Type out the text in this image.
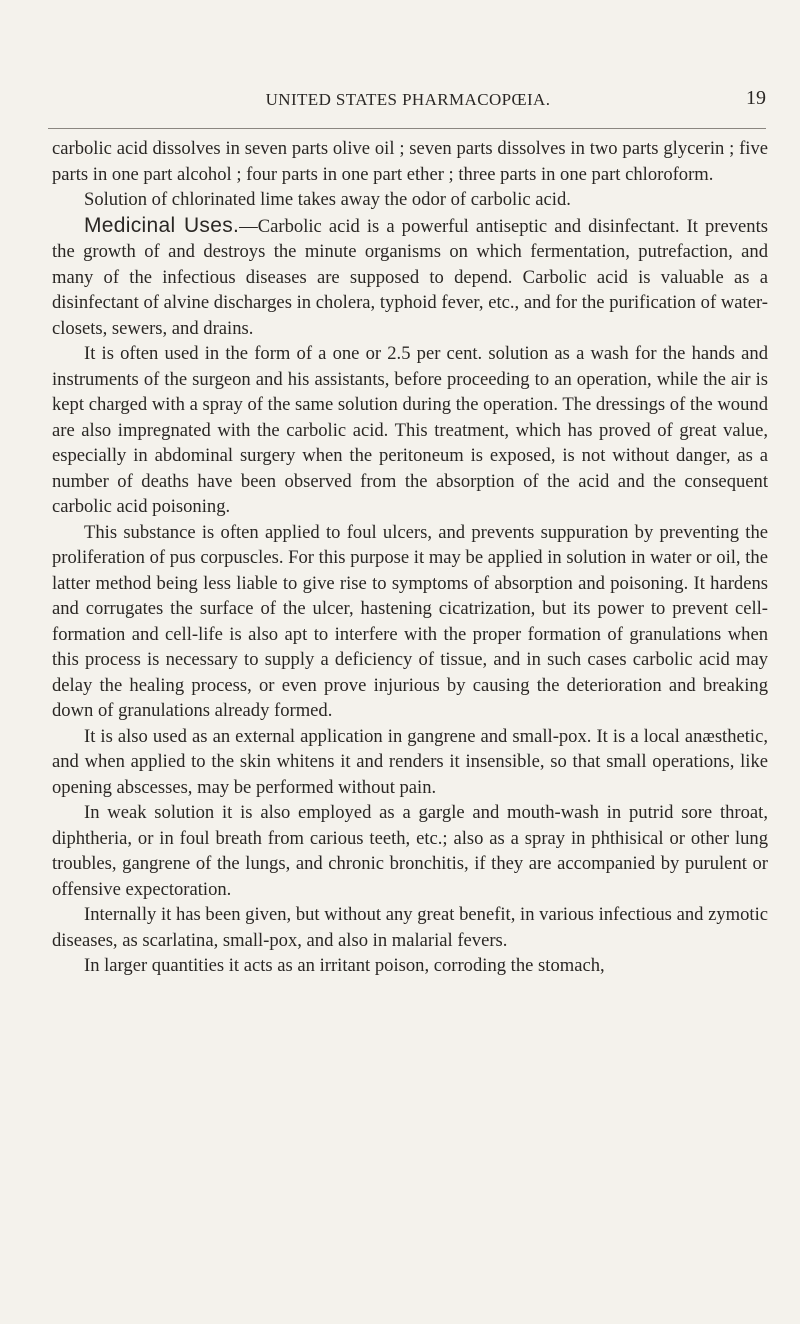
UNITED STATES PHARMACOPŒIA.	19

carbolic acid dissolves in seven parts olive oil ; seven parts dissolves in two parts glycerin ; five parts in one part alcohol ; four parts in one part ether ; three parts in one part chloroform.

Solution of chlorinated lime takes away the odor of carbolic acid.

Medicinal Uses.—Carbolic acid is a powerful antiseptic and disinfectant. It prevents the growth of and destroys the minute organisms on which fermentation, putrefaction, and many of the infectious diseases are supposed to depend. Carbolic acid is valuable as a disinfectant of alvine discharges in cholera, typhoid fever, etc., and for the purification of water-closets, sewers, and drains.

It is often used in the form of a one or 2.5 per cent. solution as a wash for the hands and instruments of the surgeon and his assistants, before proceeding to an operation, while the air is kept charged with a spray of the same solution during the operation. The dressings of the wound are also impregnated with the carbolic acid. This treatment, which has proved of great value, especially in abdominal surgery when the peritoneum is exposed, is not without danger, as a number of deaths have been observed from the absorption of the acid and the consequent carbolic acid poisoning.

This substance is often applied to foul ulcers, and prevents suppuration by preventing the proliferation of pus corpuscles. For this purpose it may be applied in solution in water or oil, the latter method being less liable to give rise to symptoms of absorption and poisoning. It hardens and corrugates the surface of the ulcer, hastening cicatrization, but its power to prevent cell-formation and cell-life is also apt to interfere with the proper formation of granulations when this process is necessary to supply a deficiency of tissue, and in such cases carbolic acid may delay the healing process, or even prove injurious by causing the deterioration and breaking down of granulations already formed.

It is also used as an external application in gangrene and small-pox. It is a local anæsthetic, and when applied to the skin whitens it and renders it insensible, so that small operations, like opening abscesses, may be performed without pain.

In weak solution it is also employed as a gargle and mouth-wash in putrid sore throat, diphtheria, or in foul breath from carious teeth, etc.; also as a spray in phthisical or other lung troubles, gangrene of the lungs, and chronic bronchitis, if they are accompanied by purulent or offensive expectoration.

Internally it has been given, but without any great benefit, in various infectious and zymotic diseases, as scarlatina, small-pox, and also in malarial fevers.

In larger quantities it acts as an irritant poison, corroding the stomach,
